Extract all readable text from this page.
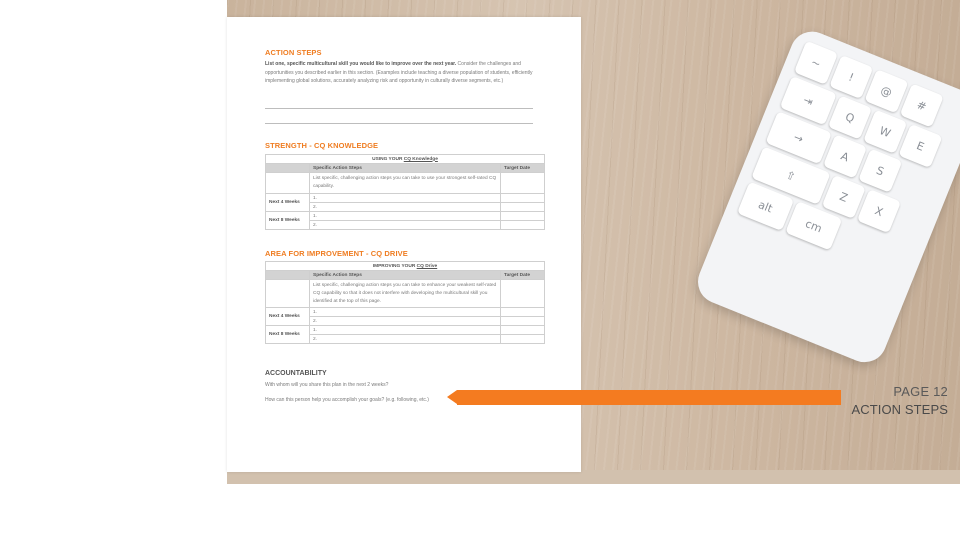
~
!
@
#
⇥
Q
W
E
A
S
Z
X
→
⇧
alt
cm
ACTION STEPS
List one, specific multicultural skill you would like to improve over the next year. Consider the challenges and opportunities you described earlier in this section. (Examples include teaching a diverse population of students, efficiently implementing global solutions, accurately analyzing risk and opportunity in culturally diverse segments, etc.)
STRENGTH - CQ KNOWLEDGE
USING YOUR CQ Knowledge		
	Specific Action Steps	Target Date
	List specific, challenging action steps you can take to use your strongest self-rated CQ capability.	
Next 4 Weeks	1.	
	2.	
Next 8 Weeks	1.	
	2.	
AREA FOR IMPROVEMENT - CQ DRIVE
IMPROVING YOUR CQ Drive		
	Specific Action Steps	Target Date
	List specific, challenging action steps you can take to enhance your weakest self-rated CQ capability so that it does not interfere with developing the multicultural skill you identified at the top of this page.	
Next 4 Weeks	1.	
	2.	
Next 8 Weeks	1.	
	2.	
ACCOUNTABILITY
With whom will you share this plan in the next 2 weeks?
How can this person help you accomplish your goals? (e.g. following, etc.)
PAGE 12
ACTION STEPS
